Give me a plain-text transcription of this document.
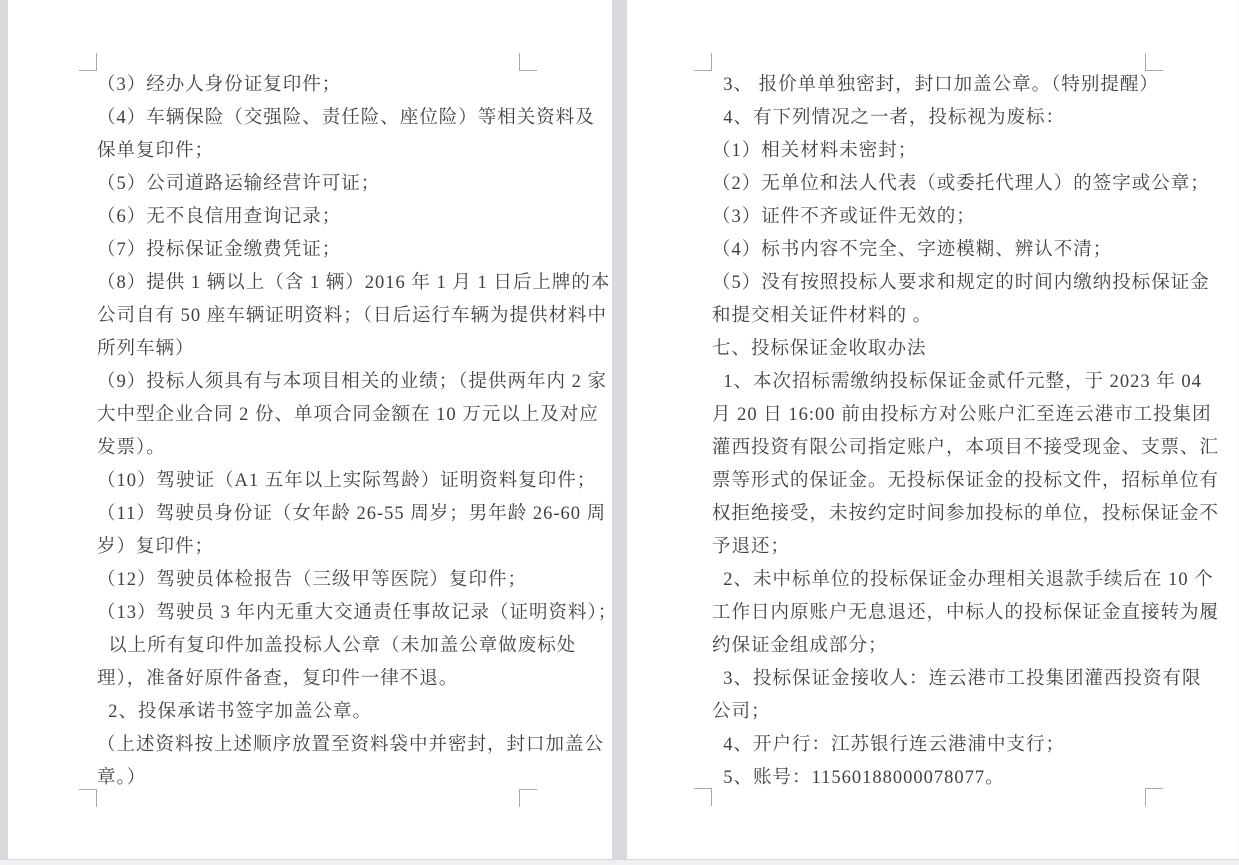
（3）经办人身份证复印件；
（4）车辆保险（交强险、责任险、座位险）等相关资料及
保单复印件；
（5）公司道路运输经营许可证；
（6）无不良信用查询记录；
（7）投标保证金缴费凭证；
（8）提供 1 辆以上（含 1 辆）2016 年 1 月 1 日后上牌的本
公司自有 50 座车辆证明资料；（日后运行车辆为提供材料中
所列车辆）
（9）投标人须具有与本项目相关的业绩；（提供两年内 2 家
大中型企业合同 2 份、单项合同金额在 10 万元以上及对应
发票）。
（10）驾驶证（A1 五年以上实际驾龄）证明资料复印件；
（11）驾驶员身份证（女年龄 26-55 周岁；男年龄 26-60 周
岁）复印件；
（12）驾驶员体检报告（三级甲等医院）复印件；
（13）驾驶员 3 年内无重大交通责任事故记录（证明资料）；
以上所有复印件加盖投标人公章（未加盖公章做废标处
理），准备好原件备查，复印件一律不退。
2、投保承诺书签字加盖公章。
（上述资料按上述顺序放置至资料袋中并密封，封口加盖公
章。）
3、 报价单单独密封，封口加盖公章。（特别提醒）
4、有下列情况之一者，投标视为废标：
（1）相关材料未密封；
（2）无单位和法人代表（或委托代理人）的签字或公章；
（3）证件不齐或证件无效的；
（4）标书内容不完全、字迹模糊、辨认不清；
（5）没有按照投标人要求和规定的时间内缴纳投标保证金
和提交相关证件材料的 。
七、投标保证金收取办法
1、本次招标需缴纳投标保证金贰仟元整，于 2023 年 04
月 20 日 16:00 前由投标方对公账户汇至连云港市工投集团
灌西投资有限公司指定账户，本项目不接受现金、支票、汇
票等形式的保证金。无投标保证金的投标文件，招标单位有
权拒绝接受，未按约定时间参加投标的单位，投标保证金不
予退还；
2、未中标单位的投标保证金办理相关退款手续后在 10 个
工作日内原账户无息退还，中标人的投标保证金直接转为履
约保证金组成部分；
3、投标保证金接收人：连云港市工投集团灌西投资有限
公司；
4、开户行：江苏银行连云港浦中支行；
5、账号：11560188000078077。
